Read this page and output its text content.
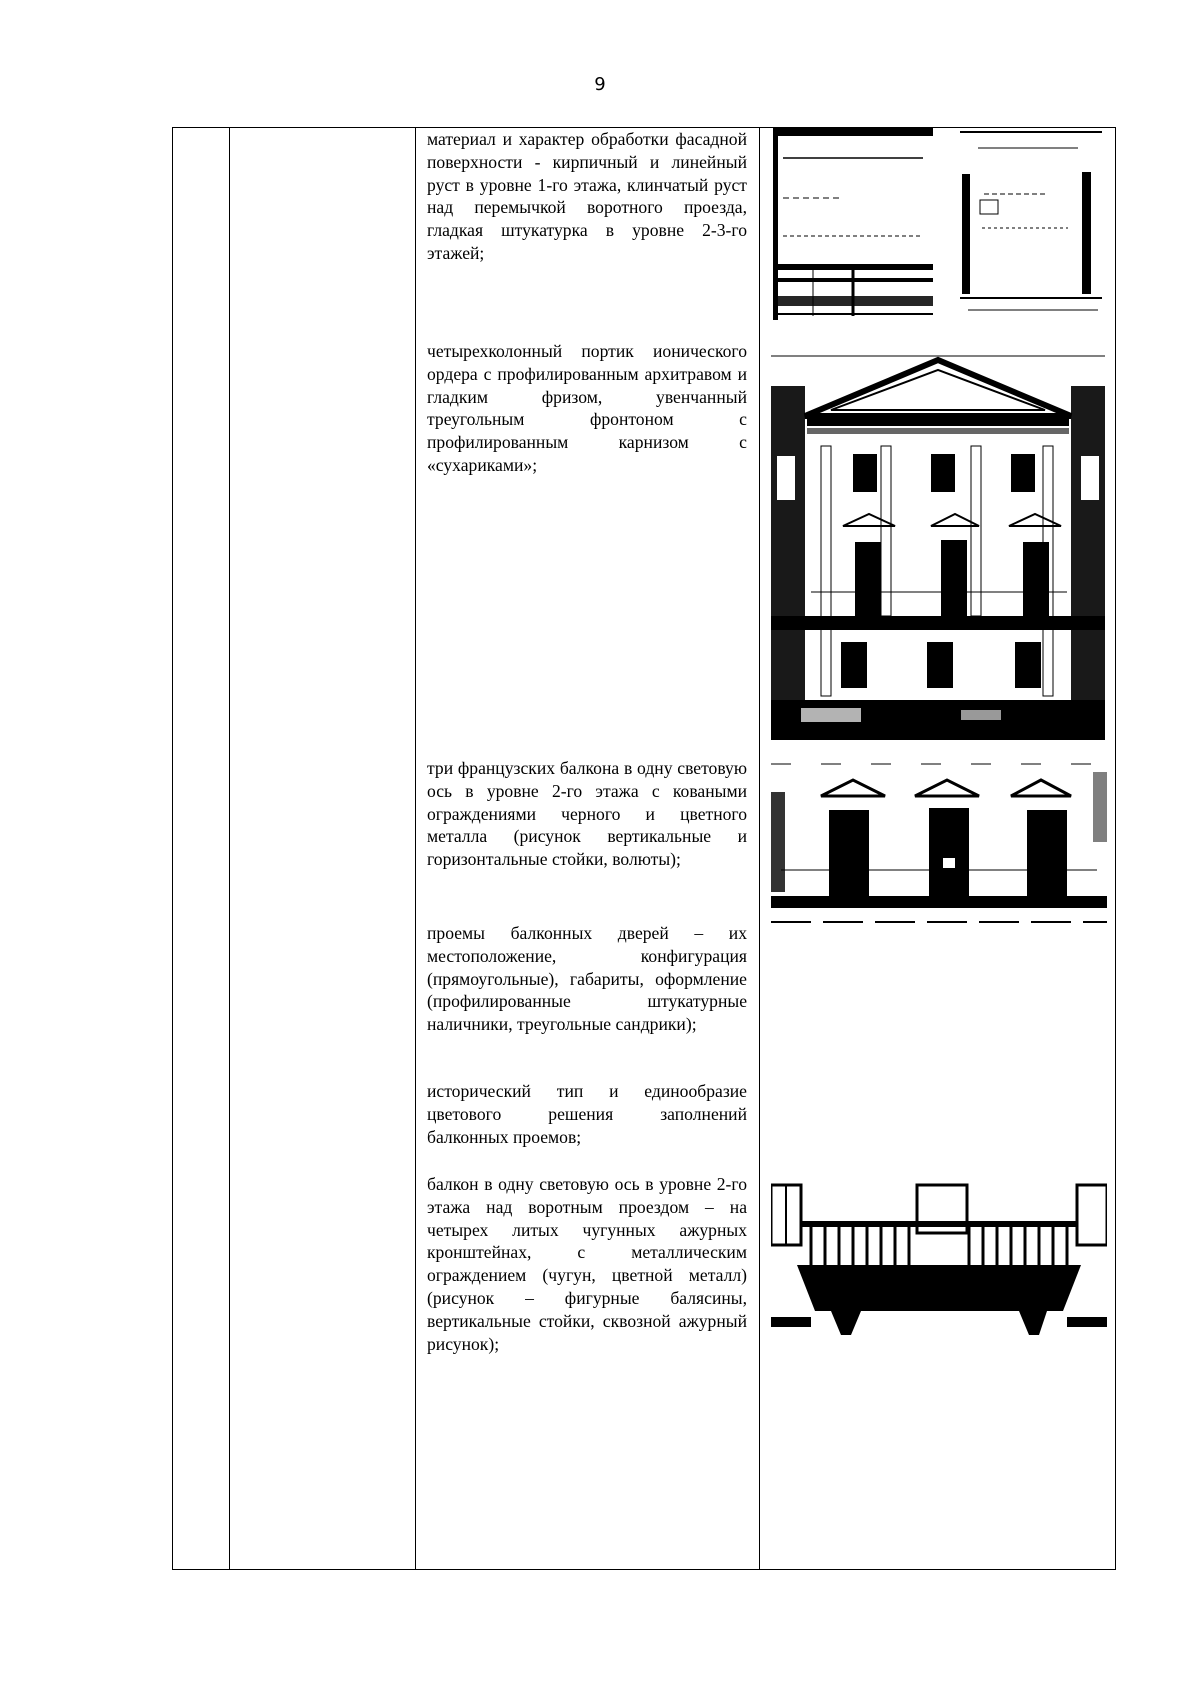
9
материал и характер обработки фасадной поверхности - кирпичный и линейный руст в уровне 1-го этажа, клинчатый руст над перемычкой воротного проезда, гладкая штукатурка в уровне 2-3-го этажей;
четырехколонный портик ионического ордера с профилированным архитравом и гладким фризом, увенчанный треугольным фронтоном с профилированным карнизом с «сухариками»;
три французских балкона в одну световую ось в уровне 2-го этажа с коваными ограждениями черного и цветного металла (рисунок вертикальные и горизонтальные стойки, волюты);
проемы балконных дверей – их местоположение, конфигурация (прямоугольные), габариты, оформление (профилированные штукатурные наличники, треугольные сандрики);
исторический тип и единообразие цветового решения заполнений балконных проемов;
балкон в одну световую ось в уровне 2-го этажа над воротным проездом – на четырех литых чугунных ажурных кронштейнах, с металлическим ограждением (чугун, цветной металл) (рисунок – фигурные балясины, вертикальные стойки, сквозной ажурный рисунок);
